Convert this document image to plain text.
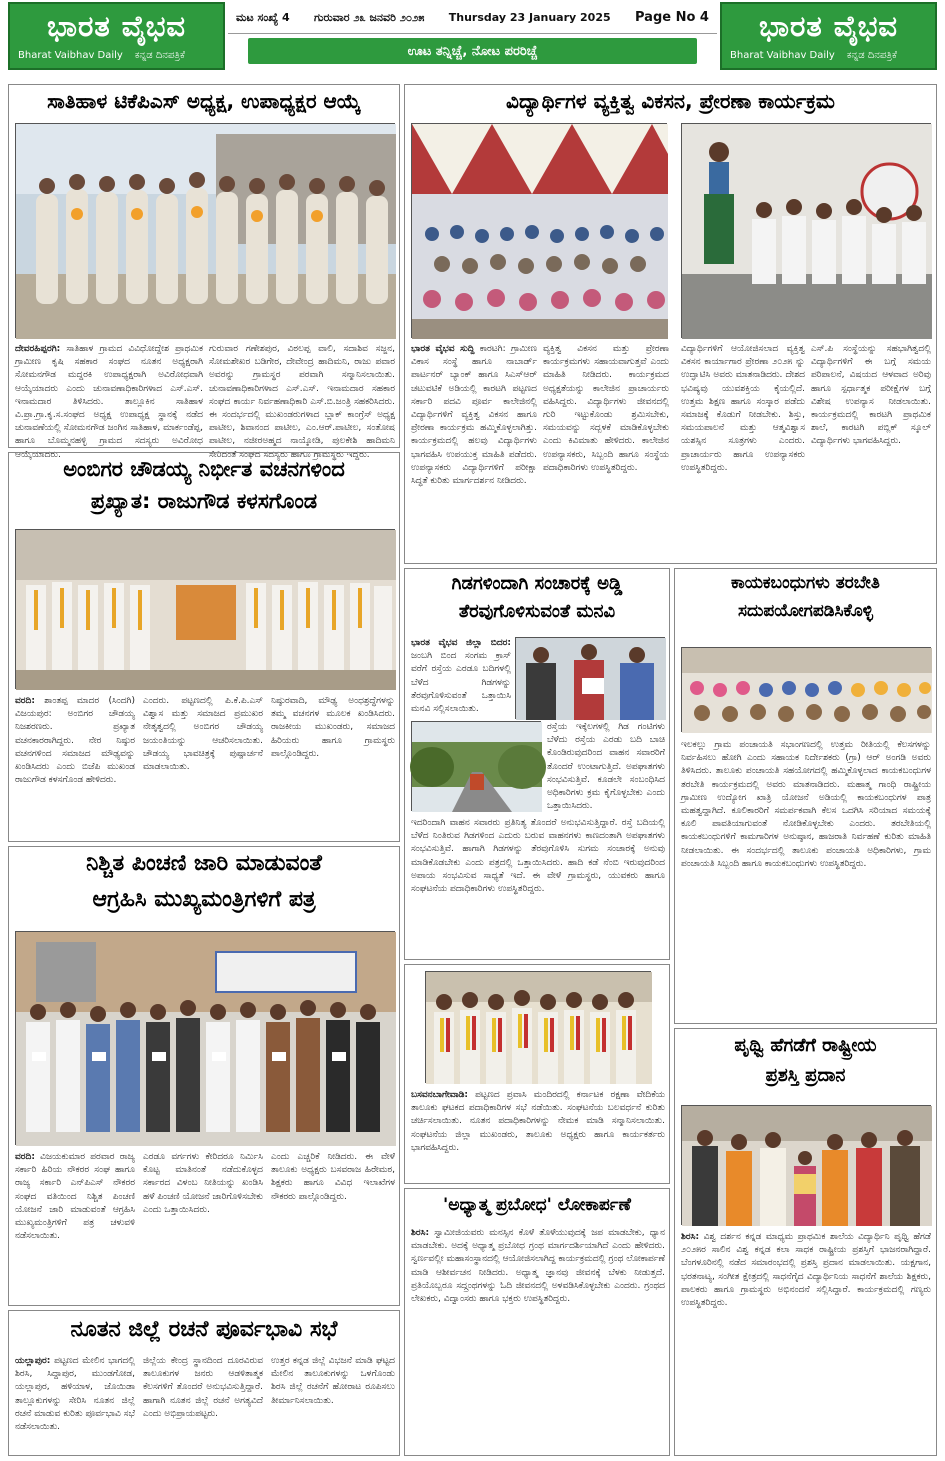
ಭಾರತ ವೈಭವ
Bharat Vaibhav Daily ಕನ್ನಡ ದಿನಪತ್ರಿಕೆ
ಮಟ ಸಂಖ್ಯೆ 4 ಗುರುವಾರ ೨೩ ಜನವರಿ ೨೦೨೫ Thursday 23 January 2025 Page No 4
ಊಟ ತನ್ನಿಚ್ಚೆ, ನೋಟ ಪರರಿಚ್ಚೆ
ಭಾರತ ವೈಭವ
Bharat Vaibhav Daily ಕನ್ನಡ ದಿನಪತ್ರಿಕೆ
ಸಾತಿಹಾಳ ಟಿಕೆಪಿಎಸ್ ಅಧ್ಯಕ್ಷ, ಉಪಾಧ್ಯಕ್ಷರ ಆಯ್ಕೆ
ದೇವರಹಿಪ್ಪರಗಿ: ಸಾತಿಹಾಳ ಗ್ರಾಮದ ವಿವಿಧೋದ್ದೇಶ ಪ್ರಾಥಮಿಕ ಗ್ರಾಮೀಣ ಕೃಷಿ ಸಹಕಾರ ಸಂಘದ ನೂತನ ಅಧ್ಯಕ್ಷರಾಗಿ ಸೋಮನಗೌಡ ಮದ್ದರಕಿ ಉಪಾಧ್ಯಕ್ಷರಾಗಿ ಅವಿರೋಧವಾಗಿ ಆಯ್ಕೆಯಾದರು ಎಂದು ಚುನಾವಣಾಧಿಕಾರಿಗಳಾದ ಎಸ್.ಎಸ್. ಇನಾಮದಾರ ತಿಳಿಸಿದರು. ತಾಲ್ಲೂಕಿನ ಸಾತಿಹಾಳ ವಿ.ಪ್ರಾ.ಗ್ರಾ.ಕೃ.ಸ.ಸಂಘದ ಅಧ್ಯಕ್ಷ ಉಪಾಧ್ಯಕ್ಷ ಸ್ಥಾನಕ್ಕೆ ನಡೆದ ಚುನಾವಣೆಯಲ್ಲಿ ಸೋಮನಗೌಡ ಜಂಗಿನ ಸಾತಿಹಾಳ, ಮಾರ್ಕಂಡೆಪ್ಪ, ಹಾಗೂ ಬೊಮ್ಮನಹಳ್ಳಿ ಗ್ರಾಮದ ಸದಸ್ಯರು ಅವಿರೋಧ ಆಯ್ಕೆಯಾದರು.
ಗುರುವಾರ ಗಣೇಶಪುರ, ವಿಠಲಪ್ಪ ವಾಲಿ, ಸದಾಶಿವ ಸಜ್ಜನ, ಸೋಮಶೇಖರ ಬಡಿಗೇರ, ದೇವೇಂದ್ರ ಹಾದಿಮನಿ, ರಾಜು ಪವಾರ ಅವರನ್ನು ಗ್ರಾಮಸ್ಥರ ಪರವಾಗಿ ಸನ್ಮಾನಿಸಲಾಯಿತು. ಚುನಾವಣಾಧಿಕಾರಿಗಳಾದ ಎಸ್.ಎಸ್. ಇನಾಮದಾರ ಸಹಕಾರ ಸಂಘದ ಕಾರ್ಯ ನಿರ್ವಹಣಾಧಿಕಾರಿ ಎಸ್.ಬಿ.ಜಂತ್ರಿ ಸಹಕರಿಸಿದರು. ಈ ಸಂದರ್ಭದಲ್ಲಿ ಮುಖಂಡರುಗಳಾದ ಬ್ಲಾಕ್ ಕಾಂಗ್ರೆಸ್ ಅಧ್ಯಕ್ಷ ಪಾಟೀಲ, ಶಿವಾನಂದ ಪಾಟೀಲ, ಎಂ.ಆರ್.ಪಾಟೀಲ, ಸಂತೋಷ ಪಾಟೀಲ, ನಜೀರಅಹ್ಮದ ನಾಯ್ಕೋಡಿ, ಪುಲಕೇಶಿ ಹಾದಿಮನಿ ಸೇರಿದಂತೆ ಸಂಘದ ಸದಸ್ಯರು ಹಾಗೂ ಗ್ರಾಮಸ್ಥರು ಇದ್ದರು.
ವಿದ್ಯಾರ್ಥಿಗಳ ವ್ಯಕ್ತಿತ್ವ ವಿಕಸನ, ಪ್ರೇರಣಾ ಕಾರ್ಯಕ್ರಮ
ಭಾರತ ವೈಭವ ಸುದ್ದಿ ಕಾರಟಗಿ: ಗ್ರಾಮೀಣ ವಿಕಾಸ ಸಂಸ್ಥೆ ಹಾಗೂ ನಾಬಾರ್ಡ್ ಪಾರ್ಟನರ್ ಬ್ಯಾಂಕ್ ಹಾಗೂ ಸಿಎಸ್‌ಆರ್ ಚಟುವಟಿಕೆ ಅಡಿಯಲ್ಲಿ ಕಾರಟಗಿ ಪಟ್ಟಣದ ಸರ್ಕಾರಿ ಪದವಿ ಪೂರ್ವ ಕಾಲೇಜಿನಲ್ಲಿ ವಿದ್ಯಾರ್ಥಿಗಳಿಗೆ ವ್ಯಕ್ತಿತ್ವ ವಿಕಸನ ಹಾಗೂ ಪ್ರೇರಣಾ ಕಾರ್ಯಕ್ರಮ ಹಮ್ಮಿಕೊಳ್ಳಲಾಗಿತ್ತು. ಕಾರ್ಯಕ್ರಮದಲ್ಲಿ ಹಲವು ವಿದ್ಯಾರ್ಥಿಗಳು ಭಾಗವಹಿಸಿ ಉಪಯುಕ್ತ ಮಾಹಿತಿ ಪಡೆದರು. ಉಪನ್ಯಾಸಕರು ವಿದ್ಯಾರ್ಥಿಗಳಿಗೆ ಪರೀಕ್ಷಾ ಸಿದ್ಧತೆ ಕುರಿತು ಮಾರ್ಗದರ್ಶನ ನೀಡಿದರು.
ವ್ಯಕ್ತಿತ್ವ ವಿಕಸನ ಮತ್ತು ಪ್ರೇರಣಾ ಕಾರ್ಯಕ್ರಮಗಳು ಸಹಾಯವಾಗುತ್ತವೆ ಎಂದು ಮಾಹಿತಿ ನೀಡಿದರು. ಕಾರ್ಯಕ್ರಮದ ಅಧ್ಯಕ್ಷತೆಯನ್ನು ಕಾಲೇಜಿನ ಪ್ರಾಚಾರ್ಯರು ವಹಿಸಿದ್ದರು. ವಿದ್ಯಾರ್ಥಿಗಳು ಜೀವನದಲ್ಲಿ ಗುರಿ ಇಟ್ಟುಕೊಂಡು ಶ್ರಮಿಸಬೇಕು, ಸಮಯವನ್ನು ಸದ್ಬಳಕೆ ಮಾಡಿಕೊಳ್ಳಬೇಕು ಎಂದು ಕಿವಿಮಾತು ಹೇಳಿದರು. ಕಾಲೇಜಿನ ಉಪನ್ಯಾಸಕರು, ಸಿಬ್ಬಂದಿ ಹಾಗೂ ಸಂಸ್ಥೆಯ ಪದಾಧಿಕಾರಿಗಳು ಉಪಸ್ಥಿತರಿದ್ದರು.
ವಿದ್ಯಾರ್ಥಿಗಳಿಗೆ ಆಯೋಜಿಸಲಾದ ವ್ಯಕ್ತಿತ್ವ ವಿಕಸನ ಕಾರ್ಯಾಗಾರ ಪ್ರೇರಣಾ ೨೦೨೫ ನ್ನು ಉದ್ಘಾಟಿಸಿ ಅವರು ಮಾತನಾಡಿದರು. ದೇಶದ ಭವಿಷ್ಯವು ಯುವಶಕ್ತಿಯ ಕೈಯಲ್ಲಿದೆ. ಉತ್ತಮ ಶಿಕ್ಷಣ ಹಾಗೂ ಸಂಸ್ಕಾರ ಪಡೆದು ಸಮಾಜಕ್ಕೆ ಕೊಡುಗೆ ನೀಡಬೇಕು. ಶಿಸ್ತು, ಸಮಯಪಾಲನೆ ಮತ್ತು ಆತ್ಮವಿಶ್ವಾಸ ಯಶಸ್ಸಿನ ಸೂತ್ರಗಳು ಎಂದರು. ಪ್ರಾಚಾರ್ಯರು ಹಾಗೂ ಉಪನ್ಯಾಸಕರು ಉಪಸ್ಥಿತರಿದ್ದರು.
ಎಸ್.ಪಿ ಸಂಸ್ಥೆಯನ್ನು ಸಹಭಾಗಿತ್ವದಲ್ಲಿ ವಿದ್ಯಾರ್ಥಿಗಳಿಗೆ ಈ ಬಗ್ಗೆ ಸಮಯ ಪರಿಪಾಲನೆ, ವಿಷಯದ ಆಳವಾದ ಅರಿವು ಹಾಗೂ ಸ್ಪರ್ಧಾತ್ಮಕ ಪರೀಕ್ಷೆಗಳ ಬಗ್ಗೆ ವಿಶೇಷ ಉಪನ್ಯಾಸ ನೀಡಲಾಯಿತು. ಕಾರ್ಯಕ್ರಮದಲ್ಲಿ ಕಾರಟಗಿ ಪ್ರಾಥಮಿಕ ಶಾಲೆ, ಕಾರಟಗಿ ಪಬ್ಲಿಕ್ ಸ್ಕೂಲ್ ವಿದ್ಯಾರ್ಥಿಗಳು ಭಾಗವಹಿಸಿದ್ದರು.
ಅಂಬಿಗರ ಚೌಡಯ್ಯ ನಿರ್ಭೀತ ವಚನಗಳಿಂದ
ಪ್ರಖ್ಯಾತ: ರಾಜುಗೌಡ ಕಳಸಗೊಂಡ
ವರದಿ: ಶಾಂತಪ್ಪ ಮಾದರ (ಸಿಂದಗಿ) ವಿಜಯಪುರ: ಅಂಬಿಗರ ಚೌಡಯ್ಯ ನಿಜಶರಣರು. ಪ್ರಖ್ಯಾತ ವಚನಕಾರರಾಗಿದ್ದರು. ನೇರ ನಿಷ್ಠುರ ವಚನಗಳಿಂದ ಸಮಾಜದ ಮೌಢ್ಯವನ್ನು ಖಂಡಿಸಿದರು ಎಂದು ಬಿಜೆಪಿ ಮುಖಂಡ ರಾಜುಗೌಡ ಕಳಸಗೊಂಡ ಹೇಳಿದರು.
ಎಂದರು. ಪಟ್ಟಣದಲ್ಲಿ ಪಿ.ಕೆ.ಪಿ.ಎಸ್ ವಿಶ್ವಾಸ ಮತ್ತು ಸಮಾಜದ ಪ್ರಮುಖರ ನೇತೃತ್ವದಲ್ಲಿ ಅಂಬಿಗರ ಚೌಡಯ್ಯ ಜಯಂತಿಯನ್ನು ಆಚರಿಸಲಾಯಿತು. ಚೌಡಯ್ಯ ಭಾವಚಿತ್ರಕ್ಕೆ ಪುಷ್ಪಾರ್ಚನೆ ಮಾಡಲಾಯಿತು.
ನಿಷ್ಠುರವಾದಿ, ಮೌಢ್ಯ ಅಂಧಶ್ರದ್ಧೆಗಳನ್ನು ತಮ್ಮ ವಚನಗಳ ಮೂಲಕ ಖಂಡಿಸಿದರು. ರಾಜಕೀಯ ಮುಖಂಡರು, ಸಮಾಜದ ಹಿರಿಯರು ಹಾಗೂ ಗ್ರಾಮಸ್ಥರು ಪಾಲ್ಗೊಂಡಿದ್ದರು.
ಗಿಡಗಳಿಂದಾಗಿ ಸಂಚಾರಕ್ಕೆ ಅಡ್ಡಿ
ತೆರವುಗೊಳಿಸುವಂತೆ ಮನವಿ
ಭಾರತ ವೈಭವ ಜಿಲ್ಲಾ ಬಿದರ: ಜಂಬಗಿ ಬಿಂದ ಸಂಗಮ ಕ್ರಾಸ್ ವರೆಗೆ ರಸ್ತೆಯ ಎರಡೂ ಬದಿಗಳಲ್ಲಿ ಬೆಳೆದ ಗಿಡಗಳನ್ನು ತೆರವುಗೊಳಿಸುವಂತೆ ಒತ್ತಾಯಿಸಿ ಮನವಿ ಸಲ್ಲಿಸಲಾಯಿತು.
ರಸ್ತೆಯ ಇಕ್ಕೆಲಗಳಲ್ಲಿ ಗಿಡ ಗಂಟಿಗಳು ಬೆಳೆದು ರಸ್ತೆಯ ಎರಡು ಬದಿ ಬಾಚಿ ಕೊಂಡಿರುವುದರಿಂದ ವಾಹನ ಸವಾರರಿಗೆ ತೊಂದರೆ ಉಂಟಾಗುತ್ತಿದೆ. ಅಪಘಾತಗಳು ಸಂಭವಿಸುತ್ತಿವೆ. ಕೂಡಲೇ ಸಂಬಂಧಿಸಿದ ಅಧಿಕಾರಿಗಳು ಕ್ರಮ ಕೈಗೊಳ್ಳಬೇಕು ಎಂದು ಒತ್ತಾಯಿಸಿದರು.
ಇದರಿಂದಾಗಿ ವಾಹನ ಸವಾರರು ಪ್ರತಿನಿತ್ಯ ತೊಂದರೆ ಅನುಭವಿಸುತ್ತಿದ್ದಾರೆ. ರಸ್ತೆ ಬದಿಯಲ್ಲಿ ಬೆಳೆದ ನಿಂತಿರುವ ಗಿಡಗಳಿಂದ ಎದುರು ಬರುವ ವಾಹನಗಳು ಕಾಣದಂತಾಗಿ ಅಪಘಾತಗಳು ಸಂಭವಿಸುತ್ತಿವೆ. ಹಾಗಾಗಿ ಗಿಡಗಳನ್ನು ತೆರವುಗೊಳಿಸಿ ಸುಗಮ ಸಂಚಾರಕ್ಕೆ ಅನುವು ಮಾಡಿಕೊಡಬೇಕು ಎಂದು ಪತ್ರದಲ್ಲಿ ಒತ್ತಾಯಿಸಿದರು. ಹಾದಿ ಕಡೆ ನೆಂಬಿ ಇರುವುದರಿಂದ ಅಪಾಯ ಸಂಭವಿಸುವ ಸಾಧ್ಯತೆ ಇದೆ. ಈ ವೇಳೆ ಗ್ರಾಮಸ್ಥರು, ಯುವಕರು ಹಾಗೂ ಸಂಘಟನೆಯ ಪದಾಧಿಕಾರಿಗಳು ಉಪಸ್ಥಿತರಿದ್ದರು.
ಕಾಯಕಬಂಧುಗಳು ತರಬೇತಿ
ಸದುಪಯೋಗಪಡಿಸಿಕೊಳ್ಳಿ
ಇಲಕಲ್ಲು ಗ್ರಾಮ ಪಂಚಾಯತಿ ಸಭಾಂಗಣದಲ್ಲಿ ಉತ್ತಮ ರೀತಿಯಲ್ಲಿ ಕೆಲಸಗಳನ್ನು ನಿರ್ವಹಿಸಲು ಹೋಗಿ ಎಂದು ಸಹಾಯಕ ನಿರ್ದೇಶಕರು (ಗ್ರಾ) ಆರ್ ಅಂಗಡಿ ಅವರು ತಿಳಿಸಿದರು. ತಾಲೂಕು ಪಂಚಾಯತಿ ಸಹಯೋಗದಲ್ಲಿ ಹಮ್ಮಿಕೊಳ್ಳಲಾದ ಕಾಯಕಬಂಧುಗಳ ತರಬೇತಿ ಕಾರ್ಯಕ್ರಮದಲ್ಲಿ ಅವರು ಮಾತನಾಡಿದರು. ಮಹಾತ್ಮ ಗಾಂಧಿ ರಾಷ್ಟ್ರೀಯ ಗ್ರಾಮೀಣ ಉದ್ಯೋಗ ಖಾತ್ರಿ ಯೋಜನೆ ಅಡಿಯಲ್ಲಿ ಕಾಯಕಬಂಧುಗಳ ಪಾತ್ರ ಮಹತ್ವದ್ದಾಗಿದೆ. ಕೂಲಿಕಾರರಿಗೆ ಸಮರ್ಪಕವಾಗಿ ಕೆಲಸ ಒದಗಿಸಿ ಸರಿಯಾದ ಸಮಯಕ್ಕೆ ಕೂಲಿ ಪಾವತಿಯಾಗುವಂತೆ ನೋಡಿಕೊಳ್ಳಬೇಕು ಎಂದರು. ತರಬೇತಿಯಲ್ಲಿ ಕಾಯಕಬಂಧುಗಳಿಗೆ ಕಾಮಗಾರಿಗಳ ಅನುಷ್ಠಾನ, ಹಾಜರಾತಿ ನಿರ್ವಹಣೆ ಕುರಿತು ಮಾಹಿತಿ ನೀಡಲಾಯಿತು. ಈ ಸಂದರ್ಭದಲ್ಲಿ ತಾಲೂಕು ಪಂಚಾಯತಿ ಅಧಿಕಾರಿಗಳು, ಗ್ರಾಮ ಪಂಚಾಯತಿ ಸಿಬ್ಬಂದಿ ಹಾಗೂ ಕಾಯಕಬಂಧುಗಳು ಉಪಸ್ಥಿತರಿದ್ದರು.
ನಿಶ್ಚಿತ ಪಿಂಚಣಿ ಜಾರಿ ಮಾಡುವಂತೆ
ಆಗ್ರಹಿಸಿ ಮುಖ್ಯಮಂತ್ರಿಗಳಿಗೆ ಪತ್ರ
ವರದಿ: ವಿಜಯಕುಮಾರ ಪರವಾರ ರಾಜ್ಯ ಸರ್ಕಾರಿ ಹಿರಿಯ ನೌಕರರ ಸಂಘ ಹಾಗೂ ರಾಜ್ಯ ಸರ್ಕಾರಿ ಎನ್‌ಪಿಎಸ್ ನೌಕರರ ಸಂಘದ ವತಿಯಿಂದ ನಿಶ್ಚಿತ ಪಿಂಚಣಿ ಯೋಜನೆ ಜಾರಿ ಮಾಡುವಂತೆ ಆಗ್ರಹಿಸಿ ಮುಖ್ಯಮಂತ್ರಿಗಳಿಗೆ ಪತ್ರ ಚಳುವಳಿ ನಡೆಸಲಾಯಿತು.
ಎರಡೂ ವರ್ಗಗಳು ಕೇರಿದರೂ ನಿರ್ಮಿಸಿ ಕೊಟ್ಟ ಮಾತಿನಂತೆ ನಡೆದುಕೊಳ್ಳದ ಸರ್ಕಾರದ ವಿಳಂಬ ನೀತಿಯನ್ನು ಖಂಡಿಸಿ ಹಳೆ ಪಿಂಚಣಿ ಯೋಜನೆ ಜಾರಿಗೊಳಿಸಬೇಕು ಎಂದು ಒತ್ತಾಯಿಸಿದರು.
ಎಂದು ಎಚ್ಚರಿಕೆ ನೀಡಿದರು. ಈ ವೇಳೆ ತಾಲೂಕು ಅಧ್ಯಕ್ಷರು ಬಸವರಾಜ ಹಿರೇಮಠ, ಶಿಕ್ಷಕರು ಹಾಗೂ ವಿವಿಧ ಇಲಾಖೆಗಳ ನೌಕರರು ಪಾಲ್ಗೊಂಡಿದ್ದರು.
ಬಸವನಬಾಗೇವಾಡಿ: ಪಟ್ಟಣದ ಪ್ರವಾಸಿ ಮಂದಿರದಲ್ಲಿ ಕರ್ನಾಟಕ ರಕ್ಷಣಾ ವೇದಿಕೆಯ ತಾಲೂಕು ಘಟಕದ ಪದಾಧಿಕಾರಿಗಳ ಸಭೆ ನಡೆಯಿತು. ಸಂಘಟನೆಯ ಬಲವರ್ಧನೆ ಕುರಿತು ಚರ್ಚಿಸಲಾಯಿತು. ನೂತನ ಪದಾಧಿಕಾರಿಗಳನ್ನು ನೇಮಕ ಮಾಡಿ ಸನ್ಮಾನಿಸಲಾಯಿತು. ಸಂಘಟನೆಯ ಜಿಲ್ಲಾ ಮುಖಂಡರು, ತಾಲೂಕು ಅಧ್ಯಕ್ಷರು ಹಾಗೂ ಕಾರ್ಯಕರ್ತರು ಭಾಗವಹಿಸಿದ್ದರು.
'ಅಧ್ಯಾತ್ಮ ಪ್ರಬೋಧ' ಲೋಕಾರ್ಪಣೆ
ಶಿರಸಿ: ಸ್ವಾಮೀಜಿಯವರು ಮನಸ್ಸಿನ ಕೊಳೆ ತೊಳೆಯುವುದಕ್ಕೆ ಜಪ ಮಾಡಬೇಕು, ಧ್ಯಾನ ಮಾಡಬೇಕು. ಅದಕ್ಕೆ ಅಧ್ಯಾತ್ಮ ಪ್ರಬೋಧ ಗ್ರಂಥ ಮಾರ್ಗದರ್ಶಿಯಾಗಿದೆ ಎಂದು ಹೇಳಿದರು. ಸ್ವರ್ಣವಲ್ಲೀ ಮಹಾಸಂಸ್ಥಾನದಲ್ಲಿ ಆಯೋಜಿಸಲಾಗಿದ್ದ ಕಾರ್ಯಕ್ರಮದಲ್ಲಿ ಗ್ರಂಥ ಲೋಕಾರ್ಪಣೆ ಮಾಡಿ ಆಶೀರ್ವಚನ ನೀಡಿದರು. ಅಧ್ಯಾತ್ಮ ಜ್ಞಾನವು ಜೀವನಕ್ಕೆ ಬೆಳಕು ನೀಡುತ್ತದೆ. ಪ್ರತಿಯೊಬ್ಬರೂ ಸದ್ಗ್ರಂಥಗಳನ್ನು ಓದಿ ಜೀವನದಲ್ಲಿ ಅಳವಡಿಸಿಕೊಳ್ಳಬೇಕು ಎಂದರು. ಗ್ರಂಥದ ಲೇಖಕರು, ವಿದ್ವಾಂಸರು ಹಾಗೂ ಭಕ್ತರು ಉಪಸ್ಥಿತರಿದ್ದರು.
ನೂತನ ಜಿಲ್ಲೆ ರಚನೆ ಪೂರ್ವಭಾವಿ ಸಭೆ
ಯಲ್ಲಾಪುರ: ಪಟ್ಟಣದ ಮೇಲಿನ ಭಾಗದಲ್ಲಿ ಶಿರಸಿ, ಸಿದ್ದಾಪುರ, ಮುಂಡಗೋಡ, ಯಲ್ಲಾಪುರ, ಹಳಿಯಾಳ, ಜೊಯಿಡಾ ತಾಲ್ಲೂಕುಗಳನ್ನು ಸೇರಿಸಿ ನೂತನ ಜಿಲ್ಲೆ ರಚನೆ ಮಾಡುವ ಕುರಿತು ಪೂರ್ವಭಾವಿ ಸಭೆ ನಡೆಸಲಾಯಿತು.
ಜಿಲ್ಲೆಯ ಕೇಂದ್ರ ಸ್ಥಾನದಿಂದ ದೂರವಿರುವ ತಾಲೂಕುಗಳ ಜನರು ಆಡಳಿತಾತ್ಮಕ ಕೆಲಸಗಳಿಗೆ ತೊಂದರೆ ಅನುಭವಿಸುತ್ತಿದ್ದಾರೆ. ಹಾಗಾಗಿ ನೂತನ ಜಿಲ್ಲೆ ರಚನೆ ಅಗತ್ಯವಿದೆ ಎಂದು ಅಭಿಪ್ರಾಯಪಟ್ಟರು.
ಉತ್ತರ ಕನ್ನಡ ಜಿಲ್ಲೆ ವಿಭಜನೆ ಮಾಡಿ ಘಟ್ಟದ ಮೇಲಿನ ತಾಲೂಕುಗಳನ್ನು ಒಳಗೊಂಡು ಶಿರಸಿ ಜಿಲ್ಲೆ ರಚನೆಗೆ ಹೋರಾಟ ರೂಪಿಸಲು ತೀರ್ಮಾನಿಸಲಾಯಿತು.
ಪೃಥ್ವಿ ಹೆಗಡೆಗೆ ರಾಷ್ಟ್ರೀಯ
ಪ್ರಶಸ್ತಿ ಪ್ರದಾನ
ಶಿರಸಿ: ವಿಶ್ವ ದರ್ಶನ ಕನ್ನಡ ಮಾಧ್ಯಮ ಪ್ರಾಥಮಿಕ ಶಾಲೆಯ ವಿದ್ಯಾರ್ಥಿನಿ ಪೃಥ್ವಿ ಹೆಗಡೆ ೨೦೨೫ರ ಸಾಲಿನ ವಿಶ್ವ ಕನ್ನಡ ಕಲಾ ಸಾಧಕ ರಾಷ್ಟ್ರೀಯ ಪ್ರಶಸ್ತಿಗೆ ಭಾಜನರಾಗಿದ್ದಾರೆ. ಬೆಂಗಳೂರಿನಲ್ಲಿ ನಡೆದ ಸಮಾರಂಭದಲ್ಲಿ ಪ್ರಶಸ್ತಿ ಪ್ರದಾನ ಮಾಡಲಾಯಿತು. ಯಕ್ಷಗಾನ, ಭರತನಾಟ್ಯ, ಸಂಗೀತ ಕ್ಷೇತ್ರದಲ್ಲಿ ಸಾಧನೆಗೈದ ವಿದ್ಯಾರ್ಥಿನಿಯ ಸಾಧನೆಗೆ ಶಾಲೆಯ ಶಿಕ್ಷಕರು, ಪಾಲಕರು ಹಾಗೂ ಗ್ರಾಮಸ್ಥರು ಅಭಿನಂದನೆ ಸಲ್ಲಿಸಿದ್ದಾರೆ. ಕಾರ್ಯಕ್ರಮದಲ್ಲಿ ಗಣ್ಯರು ಉಪಸ್ಥಿತರಿದ್ದರು.
